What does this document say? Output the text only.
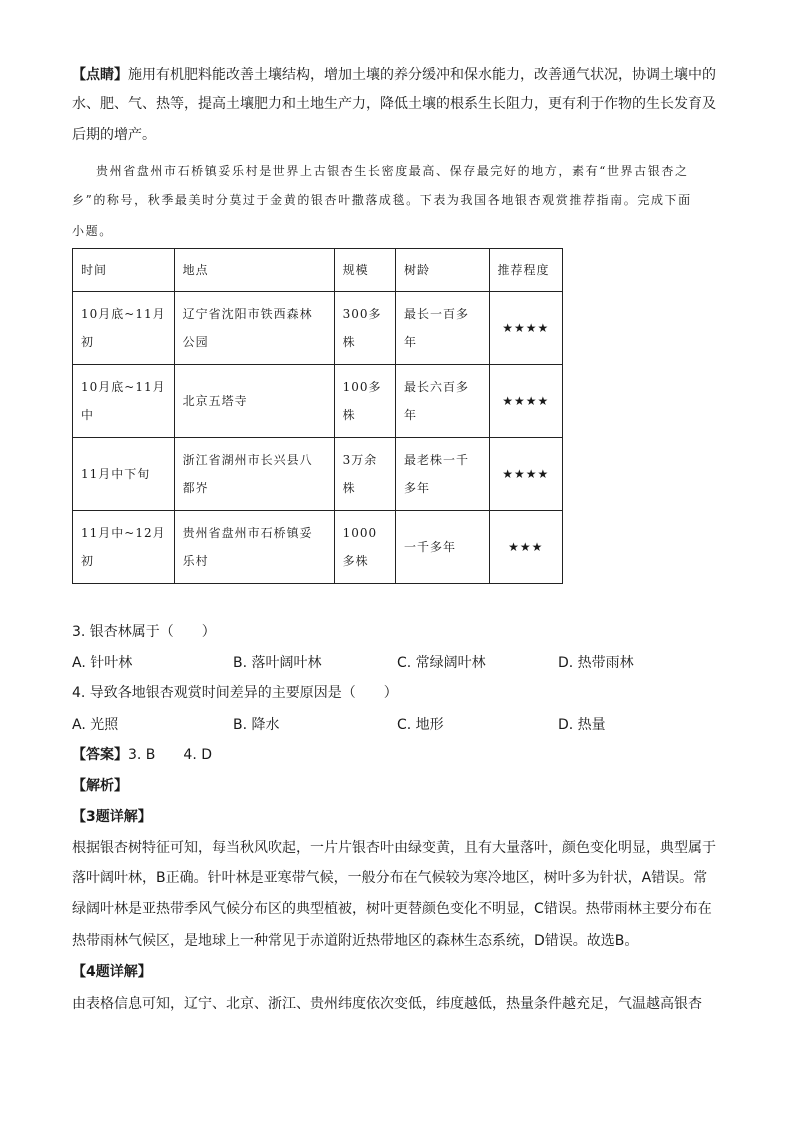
【点睛】施用有机肥料能改善土壤结构，增加土壤的养分缓冲和保水能力，改善通气状况，协调土壤中的

水、肥、气、热等，提高土壤肥力和土地生产力，降低土壤的根系生长阻力，更有利于作物的生长发育及

后期的增产。

贵州省盘州市石桥镇妥乐村是世界上古银杏生长密度最高、保存最完好的地方，素有“世界古银杏之

乡”的称号，秋季最美时分莫过于金黄的银杏叶撒落成毯。下表为我国各地银杏观赏推荐指南。完成下面

小题。

时间	地点	规模	树龄	推荐程度
10月底~11月初	辽宁省沈阳市铁西森林公园	300多株	最长一百多年	★★★★
10月底~11月中	北京五塔寺	100多株	最长六百多年	★★★★
11月中下旬	浙江省湖州市长兴县八都岕	3万余株	最老株一千多年	★★★★
11月中~12月初	贵州省盘州市石桥镇妥乐村	1000多株	一千多年	★★★

3. 银杏林属于（　　）

A. 针叶林	B. 落叶阔叶林	C. 常绿阔叶林	D. 热带雨林

4. 导致各地银杏观赏时间差异的主要原因是（　　）

A. 光照	B. 降水	C. 地形	D. 热量

【答案】3. B　　4. D

【解析】

【3题详解】

根据银杏树特征可知，每当秋风吹起，一片片银杏叶由绿变黄，且有大量落叶，颜色变化明显，典型属于

落叶阔叶林，B正确。针叶林是亚寒带气候，一般分布在气候较为寒冷地区，树叶多为针状，A错误。常

绿阔叶林是亚热带季风气候分布区的典型植被，树叶更替颜色变化不明显，C错误。热带雨林主要分布在

热带雨林气候区，是地球上一种常见于赤道附近热带地区的森林生态系统，D错误。故选B。

【4题详解】

由表格信息可知，辽宁、北京、浙江、贵州纬度依次变低，纬度越低，热量条件越充足，气温越高银杏
